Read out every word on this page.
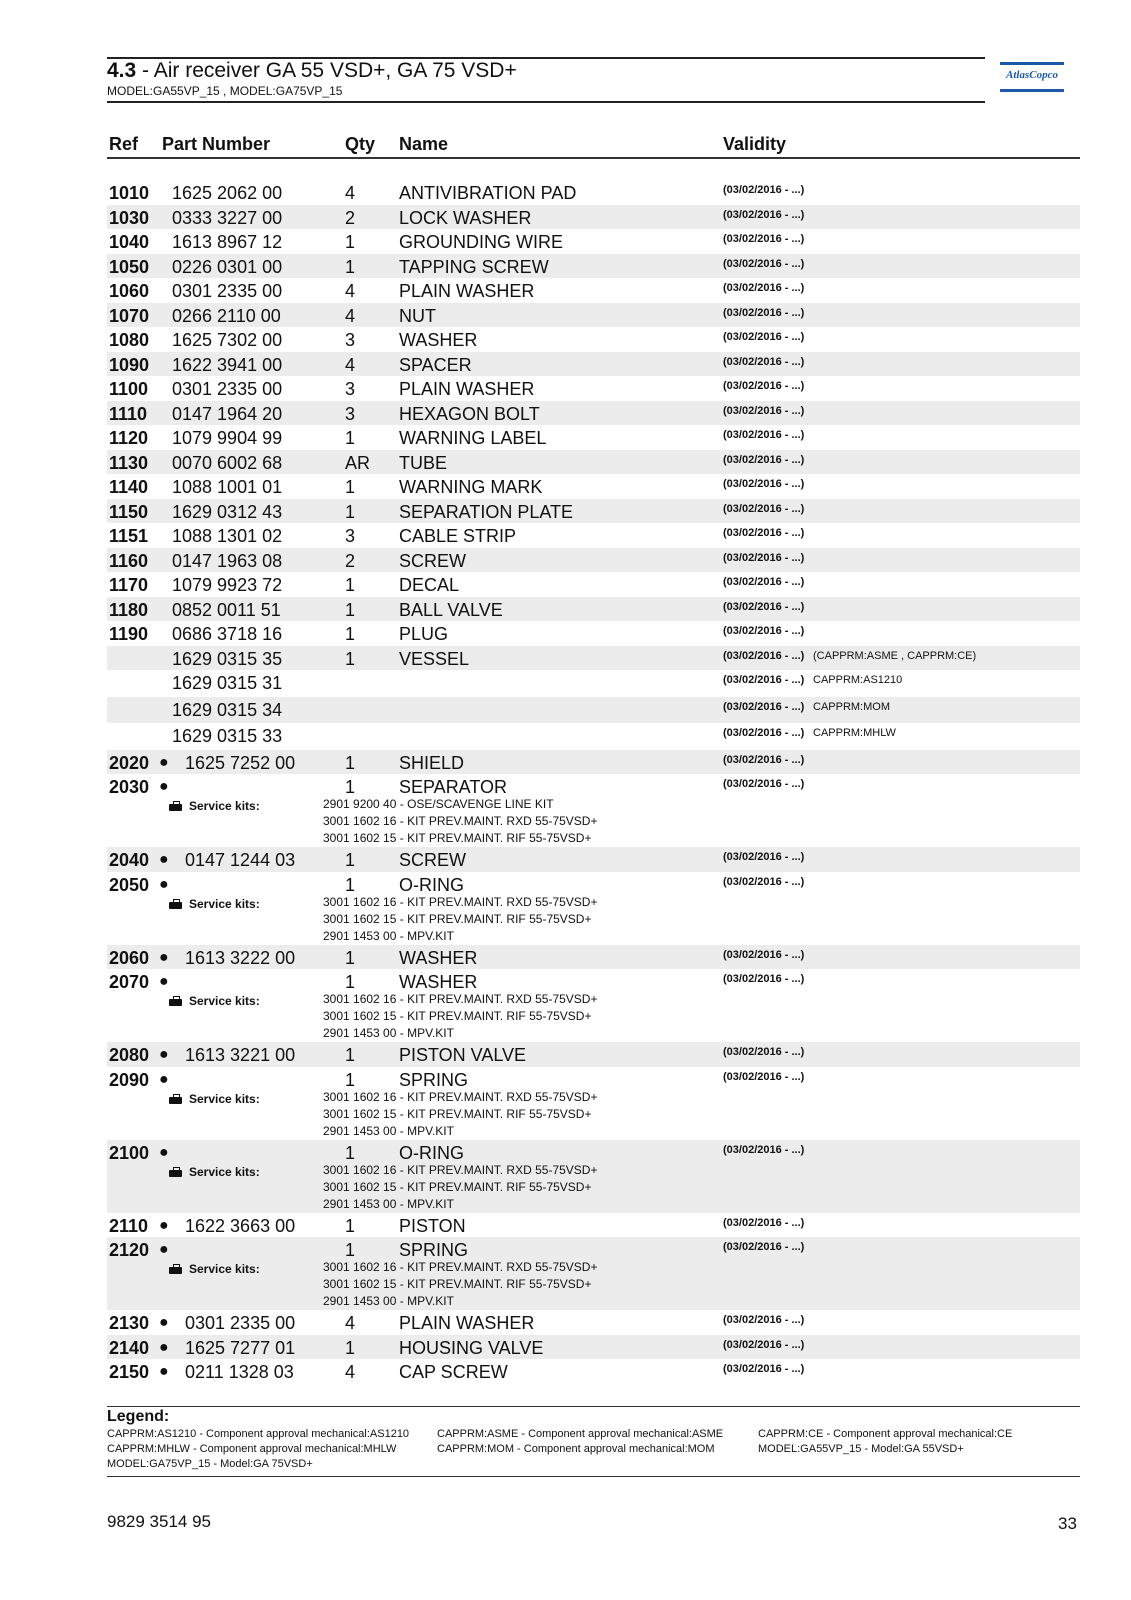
4.3 - Air receiver GA 55 VSD+, GA 75 VSD+
MODEL:GA55VP_15 , MODEL:GA75VP_15
AtlasCopco
Ref Part Number	Qty Name	Validity
1010 1625 2062 00	4 ANTIVIBRATION PAD	(03/02/2016 - ...)
1030 0333 3227 00	2 LOCK WASHER	(03/02/2016 - ...)
1040 1613 8967 12	1 GROUNDING WIRE	(03/02/2016 - ...)
1050 0226 0301 00	1 TAPPING SCREW	(03/02/2016 - ...)
1060 0301 2335 00	4 PLAIN WASHER	(03/02/2016 - ...)
1070 0266 2110 00	4 NUT	(03/02/2016 - ...)
1080 1625 7302 00	3 WASHER	(03/02/2016 - ...)
1090 1622 3941 00	4 SPACER	(03/02/2016 - ...)
1100 0301 2335 00	3 PLAIN WASHER	(03/02/2016 - ...)
1110 0147 1964 20	3 HEXAGON BOLT	(03/02/2016 - ...)
1120 1079 9904 99	1 WARNING LABEL	(03/02/2016 - ...)
1130 0070 6002 68	AR TUBE	(03/02/2016 - ...)
1140 1088 1001 01	1 WARNING MARK	(03/02/2016 - ...)
1150 1629 0312 43	1 SEPARATION PLATE	(03/02/2016 - ...)
1151 1088 1301 02	3 CABLE STRIP	(03/02/2016 - ...)
1160 0147 1963 08	2 SCREW	(03/02/2016 - ...)
1170 1079 9923 72	1 DECAL	(03/02/2016 - ...)
1180 0852 0011 51	1 BALL VALVE	(03/02/2016 - ...)
1190 0686 3718 16	1 PLUG	(03/02/2016 - ...)
1629 0315 35	1 VESSEL	(03/02/2016 - ...) (CAPPRM:ASME , CAPPRM:CE)
1629 0315 31	(03/02/2016 - ...) CAPPRM:AS1210
1629 0315 34	(03/02/2016 - ...) CAPPRM:MOM
1629 0315 33	(03/02/2016 - ...) CAPPRM:MHLW
2020 ● 1625 7252 00	1 SHIELD	(03/02/2016 - ...)
2030 ●	1 SEPARATOR	(03/02/2016 - ...)
Service kits:	2901 9200 40 - OSE/SCAVENGE LINE KIT
3001 1602 16 - KIT PREV.MAINT. RXD 55-75VSD+
3001 1602 15 - KIT PREV.MAINT. RIF 55-75VSD+
2040 ● 0147 1244 03	1 SCREW	(03/02/2016 - ...)
2050 ●	1 O-RING	(03/02/2016 - ...)
Service kits:	3001 1602 16 - KIT PREV.MAINT. RXD 55-75VSD+
3001 1602 15 - KIT PREV.MAINT. RIF 55-75VSD+
2901 1453 00 - MPV.KIT
2060 ● 1613 3222 00	1 WASHER	(03/02/2016 - ...)
2070 ●	1 WASHER	(03/02/2016 - ...)
Service kits:	3001 1602 16 - KIT PREV.MAINT. RXD 55-75VSD+
3001 1602 15 - KIT PREV.MAINT. RIF 55-75VSD+
2901 1453 00 - MPV.KIT
2080 ● 1613 3221 00	1 PISTON VALVE	(03/02/2016 - ...)
2090 ●	1 SPRING	(03/02/2016 - ...)
Service kits:	3001 1602 16 - KIT PREV.MAINT. RXD 55-75VSD+
3001 1602 15 - KIT PREV.MAINT. RIF 55-75VSD+
2901 1453 00 - MPV.KIT
2100 ●	1 O-RING	(03/02/2016 - ...)
Service kits:	3001 1602 16 - KIT PREV.MAINT. RXD 55-75VSD+
3001 1602 15 - KIT PREV.MAINT. RIF 55-75VSD+
2901 1453 00 - MPV.KIT
2110 ● 1622 3663 00	1 PISTON	(03/02/2016 - ...)
2120 ●	1 SPRING	(03/02/2016 - ...)
Service kits:	3001 1602 16 - KIT PREV.MAINT. RXD 55-75VSD+
3001 1602 15 - KIT PREV.MAINT. RIF 55-75VSD+
2901 1453 00 - MPV.KIT
2130 ● 0301 2335 00	4 PLAIN WASHER	(03/02/2016 - ...)
2140 ● 1625 7277 01	1 HOUSING VALVE	(03/02/2016 - ...)
2150 ● 0211 1328 03	4 CAP SCREW	(03/02/2016 - ...)
Legend:
CAPPRM:AS1210 - Component approval mechanical:AS1210
CAPPRM:MHLW - Component approval mechanical:MHLW
MODEL:GA75VP_15 - Model:GA 75VSD+
CAPPRM:ASME - Component approval mechanical:ASME
CAPPRM:MOM - Component approval mechanical:MOM
CAPPRM:CE - Component approval mechanical:CE
MODEL:GA55VP_15 - Model:GA 55VSD+
9829 3514 95	33
